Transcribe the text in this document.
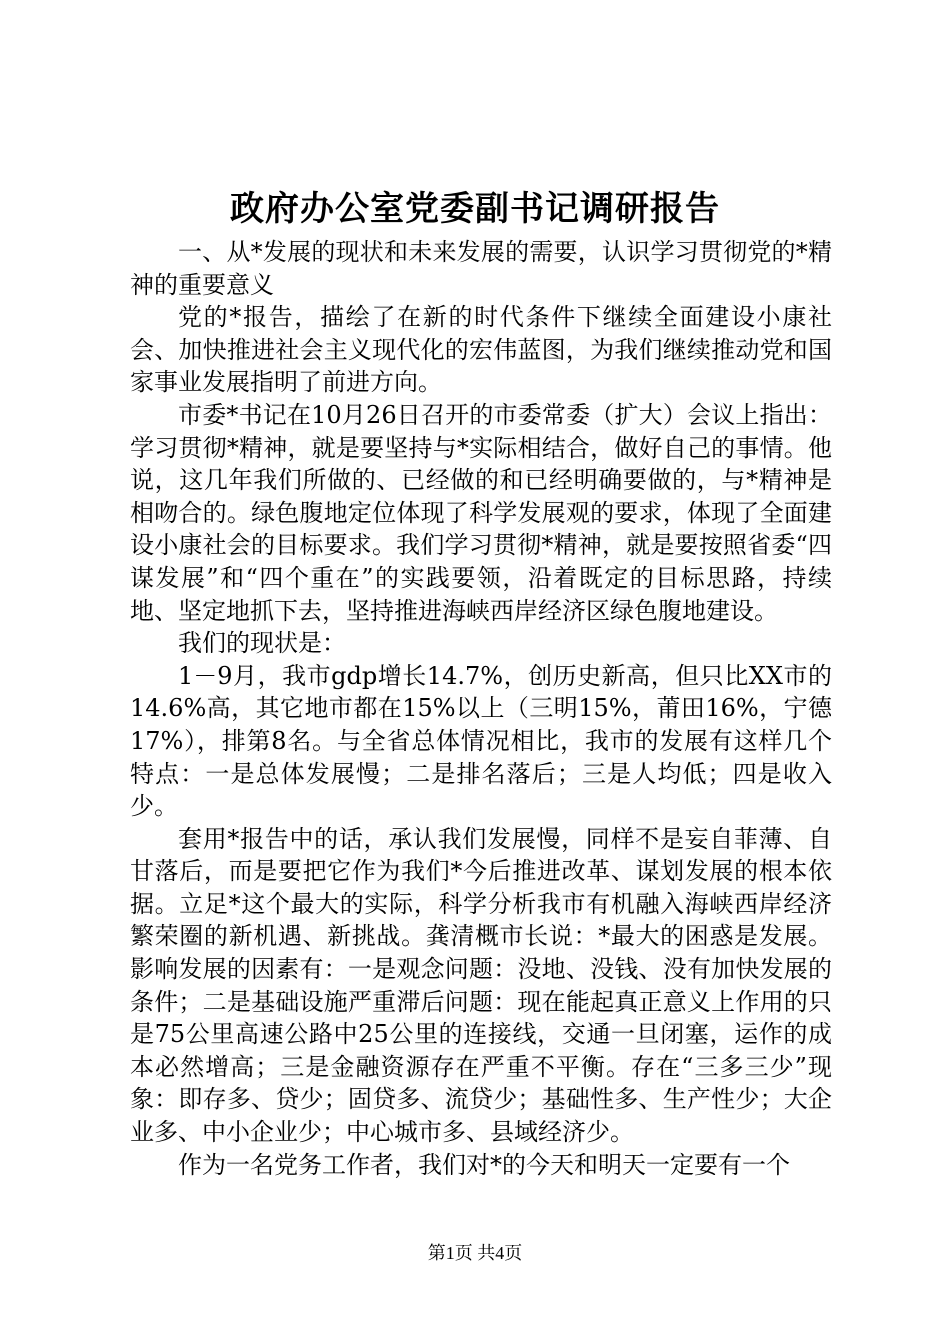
政府办公室党委副书记调研报告

一、从*发展的现状和未来发展的需要，认识学习贯彻党的*精神的重要意义

党的*报告，描绘了在新的时代条件下继续全面建设小康社会、加快推进社会主义现代化的宏伟蓝图，为我们继续推动党和国家事业发展指明了前进方向。

市委*书记在10月26日召开的市委常委（扩大）会议上指出：学习贯彻*精神，就是要坚持与*实际相结合，做好自己的事情。他说，这几年我们所做的、已经做的和已经明确要做的，与*精神是相吻合的。绿色腹地定位体现了科学发展观的要求，体现了全面建设小康社会的目标要求。我们学习贯彻*精神，就是要按照省委“四谋发展”和“四个重在”的实践要领，沿着既定的目标思路，持续地、坚定地抓下去，坚持推进海峡西岸经济区绿色腹地建设。

我们的现状是：

1－9月，我市gdp增长14.7%，创历史新高，但只比XX市的14.6%高，其它地市都在15%以上（三明15%，莆田16%，宁德17%），排第8名。与全省总体情况相比，我市的发展有这样几个特点：一是总体发展慢；二是排名落后；三是人均低；四是收入少。

套用*报告中的话，承认我们发展慢，同样不是妄自菲薄、自甘落后，而是要把它作为我们*今后推进改革、谋划发展的根本依据。立足*这个最大的实际，科学分析我市有机融入海峡西岸经济繁荣圈的新机遇、新挑战。龚清概市长说：*最大的困惑是发展。影响发展的因素有：一是观念问题：没地、没钱、没有加快发展的条件；二是基础设施严重滞后问题：现在能起真正意义上作用的只是75公里高速公路中25公里的连接线，交通一旦闭塞，运作的成本必然增高；三是金融资源存在严重不平衡。存在“三多三少”现象：即存多、贷少；固贷多、流贷少；基础性多、生产性少；大企业多、中小企业少；中心城市多、县域经济少。

作为一名党务工作者，我们对*的今天和明天一定要有一个

第1页 共4页
